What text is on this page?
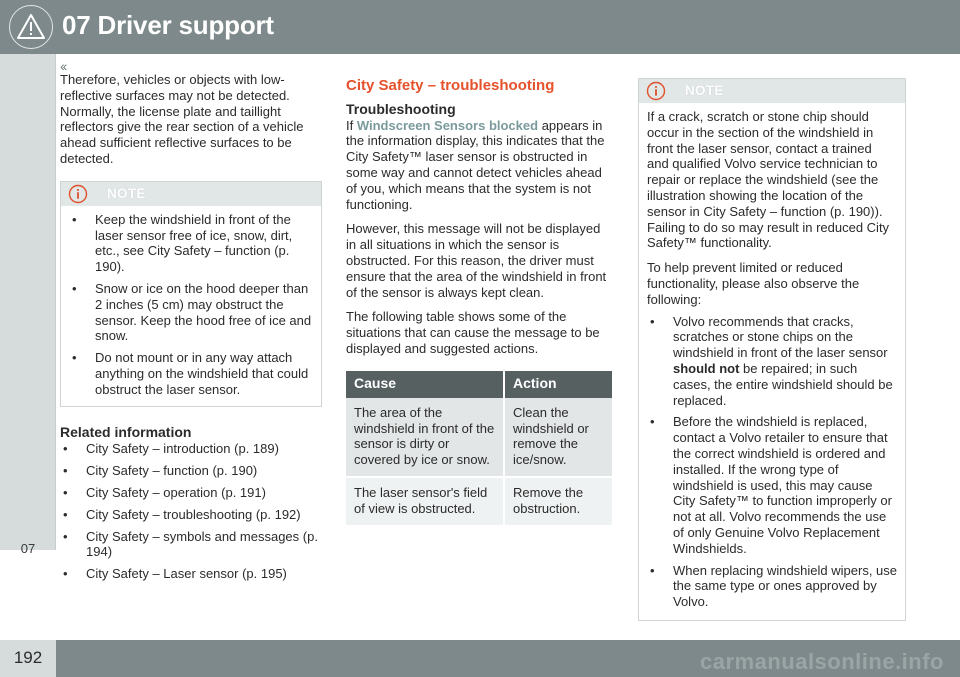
07 Driver support
‹‹
07

Therefore, vehicles or objects with low-reflective surfaces may not be detected. Normally, the license plate and taillight reflectors give the rear section of a vehicle ahead sufficient reflective surfaces to be detected.

NOTE
• Keep the windshield in front of the laser sensor free of ice, snow, dirt, etc., see City Safety – function (p. 190).
• Snow or ice on the hood deeper than 2 inches (5 cm) may obstruct the sensor. Keep the hood free of ice and snow.
• Do not mount or in any way attach anything on the windshield that could obstruct the laser sensor.
Related information
• City Safety – introduction (p. 189)
• City Safety – function (p. 190)
• City Safety – operation (p. 191)
• City Safety – troubleshooting (p. 192)
• City Safety – symbols and messages (p. 194)
• City Safety – Laser sensor (p. 195)
City Safety – troubleshooting
Troubleshooting

If Windscreen Sensors blocked appears in the information display, this indicates that the City Safety™ laser sensor is obstructed in some way and cannot detect vehicles ahead of you, which means that the system is not functioning.

However, this message will not be displayed in all situations in which the sensor is obstructed. For this reason, the driver must ensure that the area of the windshield in front of the sensor is always kept clean.

The following table shows some of the situations that can cause the message to be displayed and suggested actions.

Cause	Action
The area of the windshield in front of the sensor is dirty or covered by ice or snow.	Clean the windshield or remove the ice/snow.
The laser sensor's field of view is obstructed.	Remove the obstruction.
NOTE

If a crack, scratch or stone chip should occur in the section of the windshield in front the laser sensor, contact a trained and qualified Volvo service technician to repair or replace the windshield (see the illustration showing the location of the sensor in City Safety – function (p. 190)). Failing to do so may result in reduced City Safety™ functionality.

To help prevent limited or reduced functionality, please also observe the following:

• Volvo recommends that cracks, scratches or stone chips on the windshield in front of the laser sensor should not be repaired; in such cases, the entire windshield should be replaced.
• Before the windshield is replaced, contact a Volvo retailer to ensure that the correct windshield is ordered and installed. If the wrong type of windshield is used, this may cause City Safety™ to function improperly or not at all. Volvo recommends the use of only Genuine Volvo Replacement Windshields.
• When replacing windshield wipers, use the same type or ones approved by Volvo.
192	carmanualsonline.info
